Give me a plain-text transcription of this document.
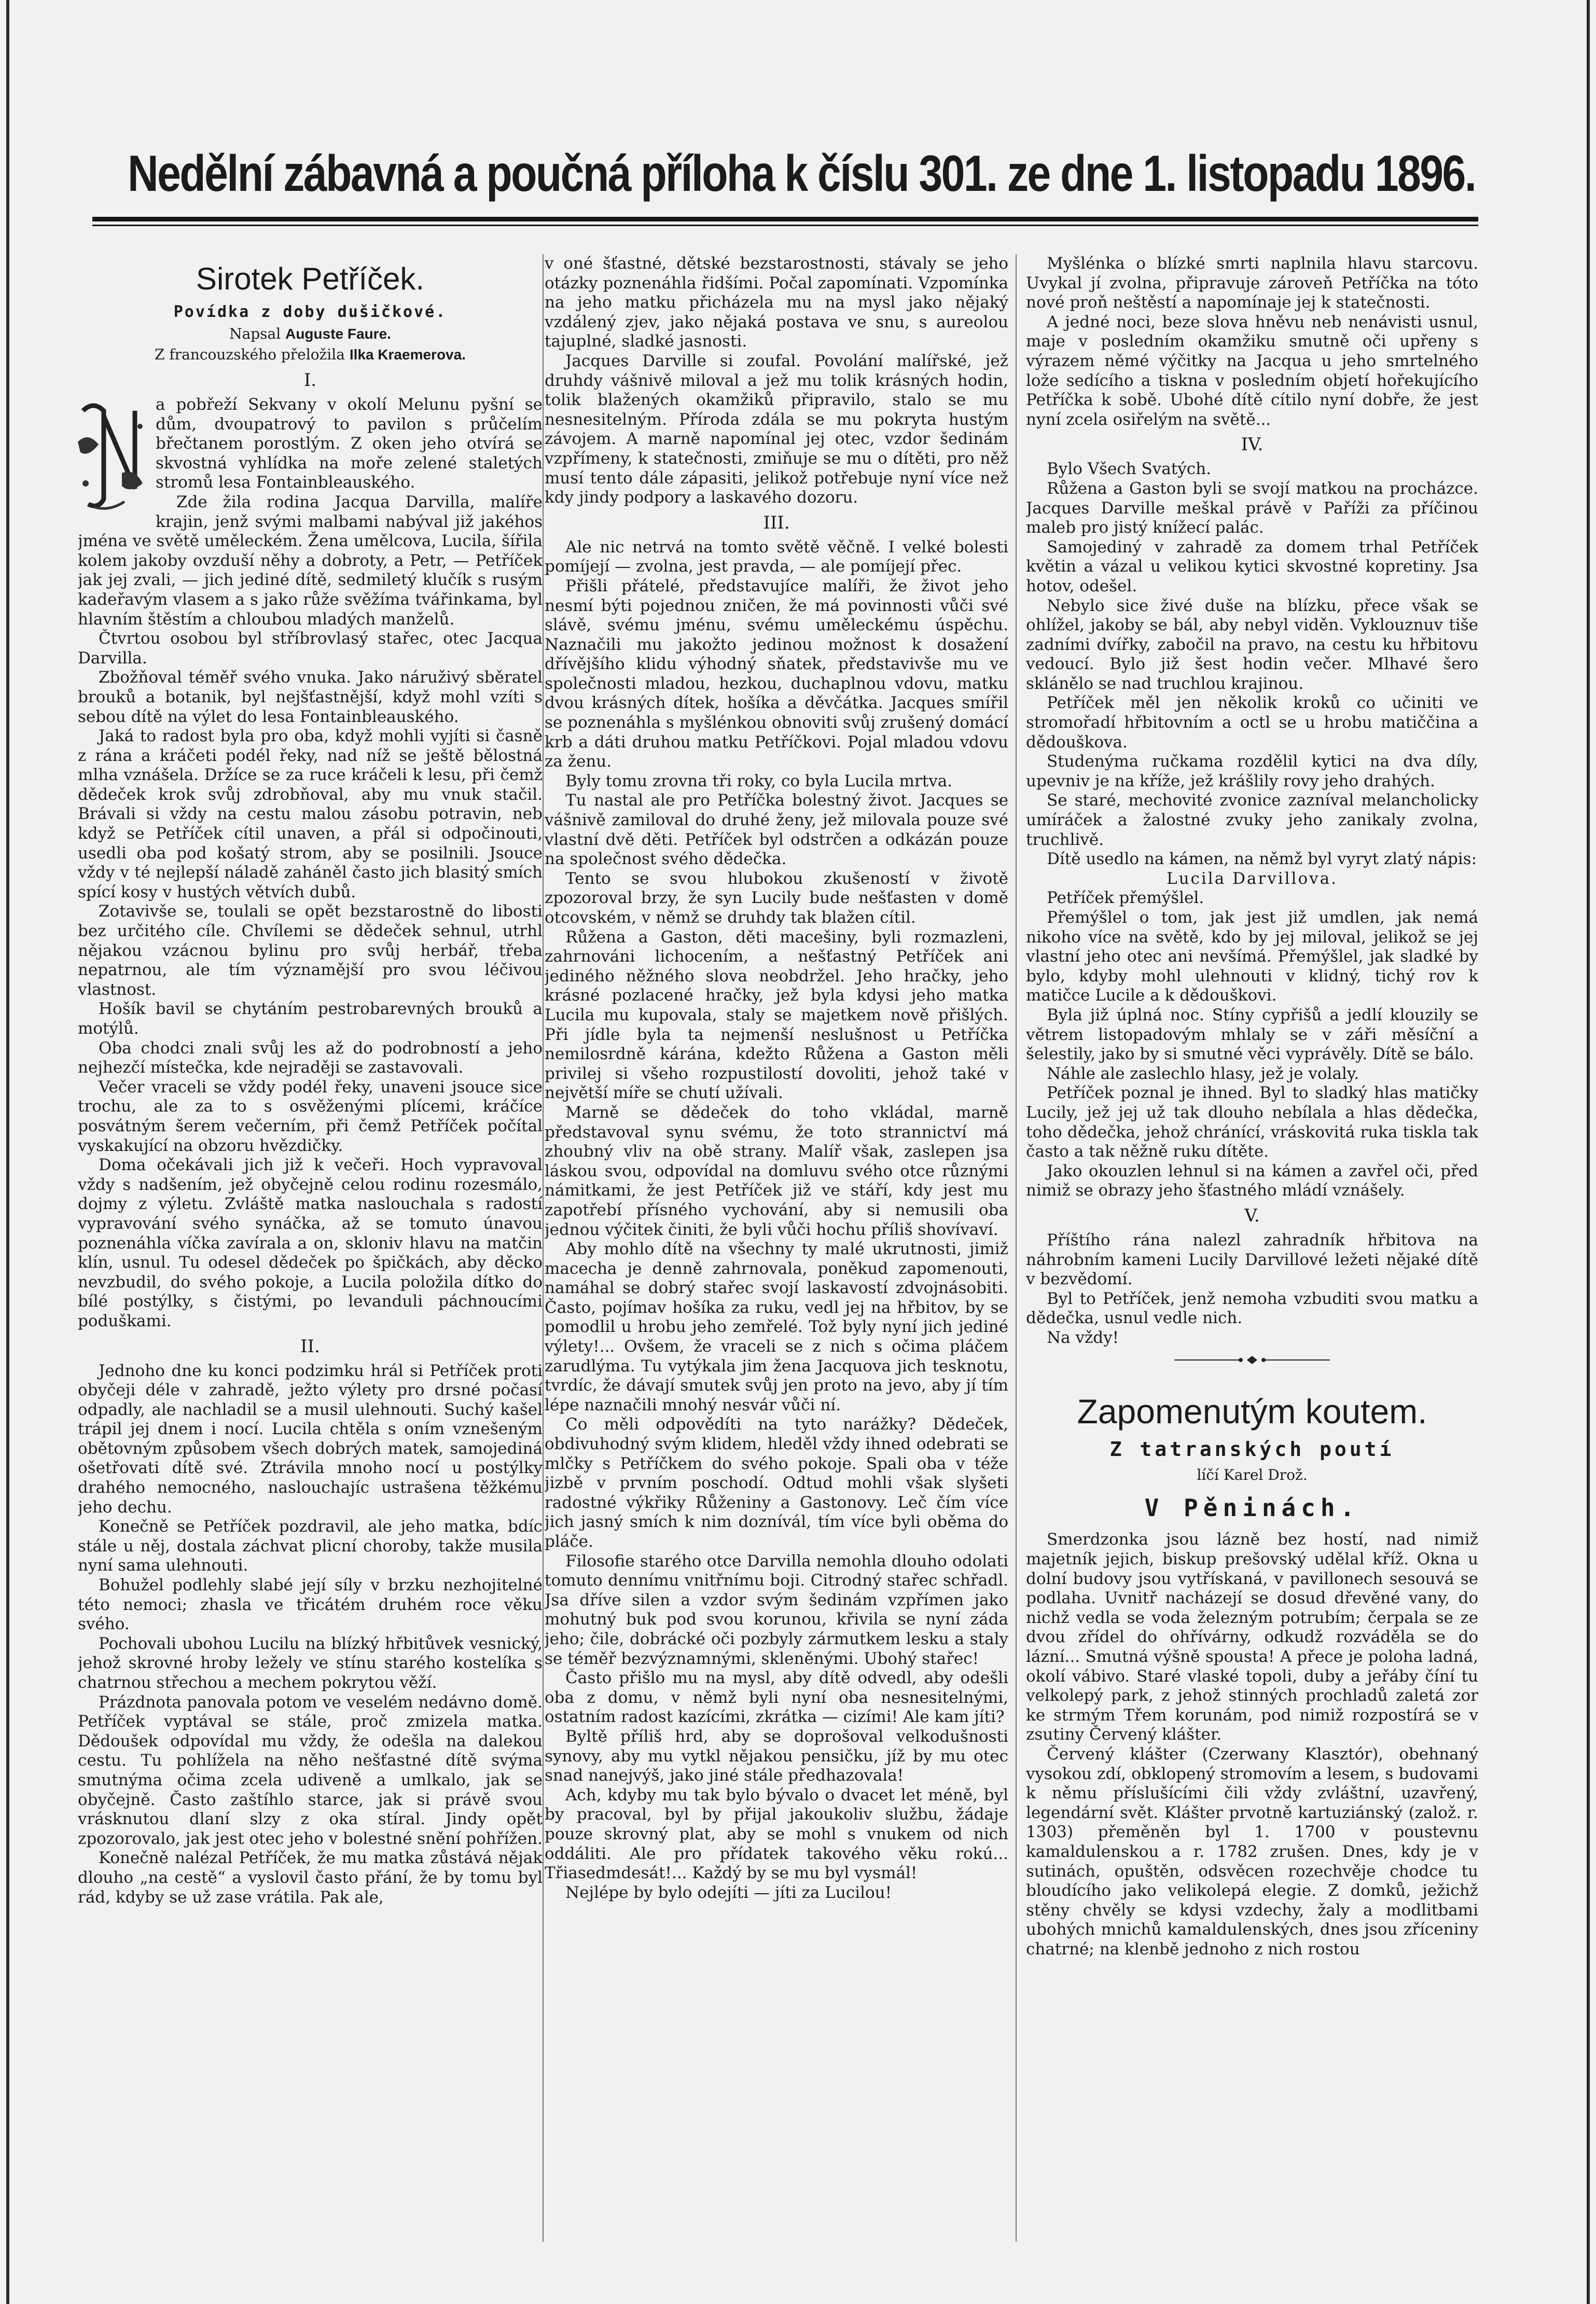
Nedělní zábavná a poučná příloha k číslu 301. ze dne 1. listopadu 1896.
Sirotek Petříček.
Povídka z doby dušičkové.
Napsal Auguste Faure.
Z francouzského přeložila Ilka Kraemerova.
I.

a pobřeží Sekvany v okolí Melunu pyšní se dům, dvoupatrový to pavilon s průčelím břečtanem porostlým. Z oken jeho otvírá se skvostná vyhlídka na moře zelené staletých stromů lesa Fontainbleauského.

Zde žila rodina Jacqua Darvilla, malíře krajin, jenž svými malbami nabýval již jakéhos jména ve světě uměleckém. Žena umělcova, Lucila, šířila kolem jakoby ovzduší něhy a dobroty, a Petr, — Petříček jak jej zvali, — jich jediné dítě, sedmiletý klučík s rusým kadeřavým vlasem a s jako růže svěžíma tvářinkama, byl hlavním štěstím a chloubou mladých manželů.

Čtvrtou osobou byl stříbrovlasý stařec, otec Jacqua Darvilla.

Zbožňoval téměř svého vnuka. Jako náruživý sběratel brouků a botanik, byl nejšťastnější, když mohl vzíti s sebou dítě na výlet do lesa Fontainbleauského.

Jaká to radost byla pro oba, když mohli vyjíti si časně z rána a kráčeti podél řeky, nad níž se ještě bělostná mlha vznášela. Držíce se za ruce kráčeli k lesu, při čemž dědeček krok svůj zdrobňoval, aby mu vnuk stačil. Brávali si vždy na cestu malou zásobu potravin, neb když se Petříček cítil unaven, a přál si odpočinouti, usedli oba pod košatý strom, aby se posilnili. Jsouce vždy v té nejlepší náladě zaháněl často jich blasitý smích spící kosy v hustých větvích dubů.

Zotavivše se, toulali se opět bezstarostně do libosti bez určitého cíle. Chvílemi se dědeček sehnul, utrhl nějakou vzácnou bylinu pro svůj herbář, třeba nepatrnou, ale tím významější pro svou léčivou vlastnost.

Hošík bavil se chytáním pestrobarevných brouků a motýlů.

Oba chodci znali svůj les až do podrobností a jeho nejhezčí místečka, kde nejraději se zastavovali.

Večer vraceli se vždy podél řeky, unaveni jsouce sice trochu, ale za to s osvěženými plícemi, kráčíce posvátným šerem večerním, při čemž Petříček počítal vyskakující na obzoru hvězdičky.

Doma očekávali jich již k večeři. Hoch vypravoval vždy s nadšením, jež obyčejně celou rodinu rozesmálo, dojmy z výletu. Zvláště matka naslouchala s radostí vypravování svého synáčka, až se tomuto únavou poznenáhla víčka zavírala a on, skloniv hlavu na matčin klín, usnul. Tu odesel dědeček po špičkách, aby děcko nevzbudil, do svého pokoje, a Lucila položila dítko do bílé postýlky, s čistými, po levanduli páchnoucími poduškami.

II.

Jednoho dne ku konci podzimku hrál si Petříček proti obyčeji déle v zahradě, ježto výlety pro drsné počasí odpadly, ale nachladil se a musil ulehnouti. Suchý kašel trápil jej dnem i nocí. Lucila chtěla s oním vznešeným obětovným způsobem všech dobrých matek, samojediná ošetřovati dítě své. Ztrávila mnoho nocí u postýlky drahého nemocného, naslouchajíc ustrašena těžkému jeho dechu.

Konečně se Petříček pozdravil, ale jeho matka, bdíc stále u něj, dostala záchvat plicní choroby, takže musila nyní sama ulehnouti.

Bohužel podlehly slabé její síly v brzku nezhojitelné této nemoci; zhasla ve třicátém druhém roce věku svého.

Pochovali ubohou Lucilu na blízký hřbitůvek vesnický, jehož skrovné hroby ležely ve stínu starého kostelíka s chatrnou střechou a mechem pokrytou věží.

Prázdnota panovala potom ve veselém nedávno domě. Petříček vyptával se stále, proč zmizela matka. Dědoušek odpovídal mu vždy, že odešla na dalekou cestu. Tu pohlížela na něho nešťastné dítě svýma smutnýma očima zcela udiveně a umlkalo, jak se obyčejně. Často zaštíhlo starce, jak si právě svou vrásknutou dlaní slzy z oka stíral. Jindy opět zpozorovalo, jak jest otec jeho v bolestné snění pohřížen.

Konečně nalézal Petříček, že mu matka zůstává nějak dlouho „na cestě“ a vyslovil často přání, že by tomu byl rád, kdyby se už zase vrátila. Pak ale,

v oné šťastné, dětské bezstarostnosti, stávaly se jeho otázky poznenáhla řidšími. Počal zapomínati. Vzpomínka na jeho matku přicházela mu na mysl jako nějaký vzdálený zjev, jako nějaká postava ve snu, s aureolou tajuplné, sladké jasnosti.

Jacques Darville si zoufal. Povolání malířské, jež druhdy vášnivě miloval a jež mu tolik krásných hodin, tolik blažených okamžiků připravilo, stalo se mu nesnesitelným. Příroda zdála se mu pokryta hustým závojem. A marně napomínal jej otec, vzdor šedinám vzpřímeny, k statečnosti, zmiňuje se mu o dítěti, pro něž musí tento dále zápasiti, jelikož potřebuje nyní více než kdy jindy podpory a laskavého dozoru.

III.

Ale nic netrvá na tomto světě věčně. I velké bolesti pomíjejí — zvolna, jest pravda, — ale pomíjejí přec.

Přišli přátelé, představujíce malíři, že život jeho nesmí býti pojednou zničen, že má povinnosti vůči své slávě, svému jménu, svému uměleckému úspěchu. Naznačili mu jakožto jedinou možnost k dosažení dřívějšího klidu výhodný sňatek, představivše mu ve společnosti mladou, hezkou, duchaplnou vdovu, matku dvou krásných dítek, hošíka a děvčátka. Jacques smířil se poznenáhla s myšlénkou obnoviti svůj zrušený domácí krb a dáti druhou matku Petříčkovi. Pojal mladou vdovu za ženu.

Byly tomu zrovna tři roky, co byla Lucila mrtva.

Tu nastal ale pro Petříčka bolestný život. Jacques se vášnivě zamiloval do druhé ženy, jež milovala pouze své vlastní dvě děti. Petříček byl odstrčen a odkázán pouze na společnost svého dědečka.

Tento se svou hlubokou zkušeností v životě zpozoroval brzy, že syn Lucily bude nešťasten v domě otcovském, v němž se druhdy tak blažen cítil.

Růžena a Gaston, děti macešiny, byli rozmazleni, zahrnováni lichocením, a nešťastný Petříček ani jediného něžného slova neobdržel. Jeho hračky, jeho krásné pozlacené hračky, jež byla kdysi jeho matka Lucila mu kupovala, staly se majetkem nově přišlých. Při jídle byla ta nejmenší neslušnost u Petříčka nemilosrdně kárána, kdežto Růžena a Gaston měli privilej si všeho rozpustilostí dovoliti, jehož také v největší míře se chutí užívali.

Marně se dědeček do toho vkládal, marně představoval synu svému, že toto strannictví má zhoubný vliv na obě strany. Malíř však, zaslepen jsa láskou svou, odpovídal na domluvu svého otce různými námitkami, že jest Petříček již ve stáří, kdy jest mu zapotřebí přísného vychování, aby si nemusili oba jednou výčitek činiti, že byli vůči hochu příliš shovívaví.

Aby mohlo dítě na všechny ty malé ukrutnosti, jimiž macecha je denně zahrnovala, poněkud zapomenouti, namáhal se dobrý stařec svojí laskavostí zdvojnásobiti. Často, pojímav hošíka za ruku, vedl jej na hřbitov, by se pomodlil u hrobu jeho zemřelé. Tož byly nyní jich jediné výlety!... Ovšem, že vraceli se z nich s očima pláčem zarudlýma. Tu vytýkala jim žena Jacquova jich tesknotu, tvrdíc, že dávají smutek svůj jen proto na jevo, aby jí tím lépe naznačili mnohý nesvár vůči ní.

Co měli odpovědíti na tyto narážky? Dědeček, obdivuhodný svým klidem, hleděl vždy ihned odebrati se mlčky s Petříčkem do svého pokoje. Spali oba v téže jizbě v prvním poschodí. Odtud mohli však slyšeti radostné výkřiky Růženiny a Gastonovy. Leč čím více jich jasný smích k nim doznívál, tím více byli oběma do pláče.

Filosofie starého otce Darvilla nemohla dlouho odolati tomuto dennímu vnitřnímu boji. Citrodný stařec schřadl. Jsa dříve silen a vzdor svým šedinám vzpřímen jako mohutný buk pod svou korunou, křivila se nyní záda jeho; čile, dobrácké oči pozbyly zármutkem lesku a staly se téměř bezvýznamnými, skleněnými. Ubohý stařec!

Často přišlo mu na mysl, aby dítě odvedl, aby odešli oba z domu, v němž byli nyní oba nesnesitelnými, ostatním radost kazícími, zkrátka — cizími! Ale kam jíti?

Byltě příliš hrd, aby se doprošoval velkodušnosti synovy, aby mu vytkl nějakou pensičku, jíž by mu otec snad nanejvýš, jako jiné stále předhazovala!

Ach, kdyby mu tak bylo bývalo o dvacet let méně, byl by pracoval, byl by přijal jakoukoliv službu, žádaje pouze skrovný plat, aby se mohl s vnukem od nich oddáliti. Ale pro přídatek takového věku rokú... Třiasedmdesát!... Každý by se mu byl vysmál!

Nejlépe by bylo odejíti — jíti za Lucilou!

Myšlénka o blízké smrti naplnila hlavu starcovu. Uvykal jí zvolna, připravuje zároveň Petříčka na tóto nové proň neštěstí a napomínaje jej k statečnosti.

A jedné noci, beze slova hněvu neb nenávisti usnul, maje v posledním okamžiku smutně oči upřeny s výrazem němé výčitky na Jacqua u jeho smrtelného lože sedícího a tiskna v posledním objetí hořekujícího Petříčka k sobě. Ubohé dítě cítilo nyní dobře, že jest nyní zcela osiřelým na světě...

IV.

Bylo Všech Svatých.

Růžena a Gaston byli se svojí matkou na procházce. Jacques Darville meškal právě v Paříži za příčinou maleb pro jistý knížecí palác.

Samojediný v zahradě za domem trhal Petříček květin a vázal u velikou kytici skvostné kopretiny. Jsa hotov, odešel.

Nebylo sice živé duše na blízku, přece však se ohlížel, jakoby se bál, aby nebyl viděn. Vyklouznuv tiše zadními dvířky, zabočil na pravo, na cestu ku hřbitovu vedoucí. Bylo již šest hodin večer. Mlhavé šero sklánělo se nad truchlou krajinou.

Petříček měl jen několik kroků co učiniti ve stromořadí hřbitovním a octl se u hrobu matiččina a dědouškova.

Studenýma ručkama rozdělil kytici na dva díly, upevniv je na kříže, jež krášlily rovy jeho drahých.

Se staré, mechovité zvonice zazníval melancholicky umíráček a žalostné zvuky jeho zanikaly zvolna, truchlivě.

Dítě usedlo na kámen, na němž byl vyryt zlatý nápis:

Lucila Darvillova.

Petříček přemýšlel.

Přemýšlel o tom, jak jest již umdlen, jak nemá nikoho více na světě, kdo by jej miloval, jelikož se jej vlastní jeho otec ani nevšímá. Přemýšlel, jak sladké by bylo, kdyby mohl ulehnouti v klidný, tichý rov k matičce Lucile a k dědouškovi.

Byla již úplná noc. Stíny cypřišů a jedlí klouzily se větrem listopadovým mhlaly se v záři měsíční a šelestily, jako by si smutné věci vyprávěly. Dítě se bálo.

Náhle ale zaslechlo hlasy, jež je volaly.

Petříček poznal je ihned. Byl to sladký hlas matičky Lucily, jež jej už tak dlouho nebílala a hlas dědečka, toho dědečka, jehož chránící, vráskovitá ruka tiskla tak často a tak něžně ruku dítěte.

Jako okouzlen lehnul si na kámen a zavřel oči, před nimiž se obrazy jeho šťastného mládí vznášely.

V.

Příštího rána nalezl zahradník hřbitova na náhrobním kameni Lucily Darvillové ležeti nějaké dítě v bezvědomí.

Byl to Petříček, jenž nemoha vzbuditi svou matku a dědečka, usnul vedle nich.

Na vždy!

Zapomenutým koutem.
Z tatranských poutí
líčí Karel Drož.
V Pěninách.

Smerdzonka jsou lázně bez hostí, nad nimiž majetník jejich, biskup prešovský udělal kříž. Okna u dolní budovy jsou vytřískaná, v pavillonech sesouvá se podlaha. Uvnitř nacházejí se dosud dřevěné vany, do nichž vedla se voda železným potrubím; čerpala se ze dvou zřídel do ohřívárny, odkudž rozváděla se do lázní... Smutná výšně spousta! A přece je poloha ladná, okolí vábivo. Staré vlaské topoli, duby a jeřáby číní tu velkolepý park, z jehož stinných prochladů zaletá zor ke strmým Třem korunám, pod nimiž rozpostírá se v zsutiny Červený klášter.

Červený klášter (Czerwany Klasztór), obehnaný vysokou zdí, obklopený stromovím a lesem, s budovami k němu příslušícími čili vždy zvláštní, uzavřený, legendární svět. Klášter prvotně kartuziánský (založ. r. 1303) přeměněn byl 1. 1700 v poustevnu kamaldulenskou a r. 1782 zrušen. Dnes, kdy je v sutinách, opuštěn, odsvěcen rozechvěje chodce tu bloudícího jako velikolepá elegie. Z domků, ježichž stěny chvěly se kdysi vzdechy, žaly a modlitbami ubohých mnichů kamaldulenských, dnes jsou zříceniny chatrné; na klenbě jednoho z nich rostou
